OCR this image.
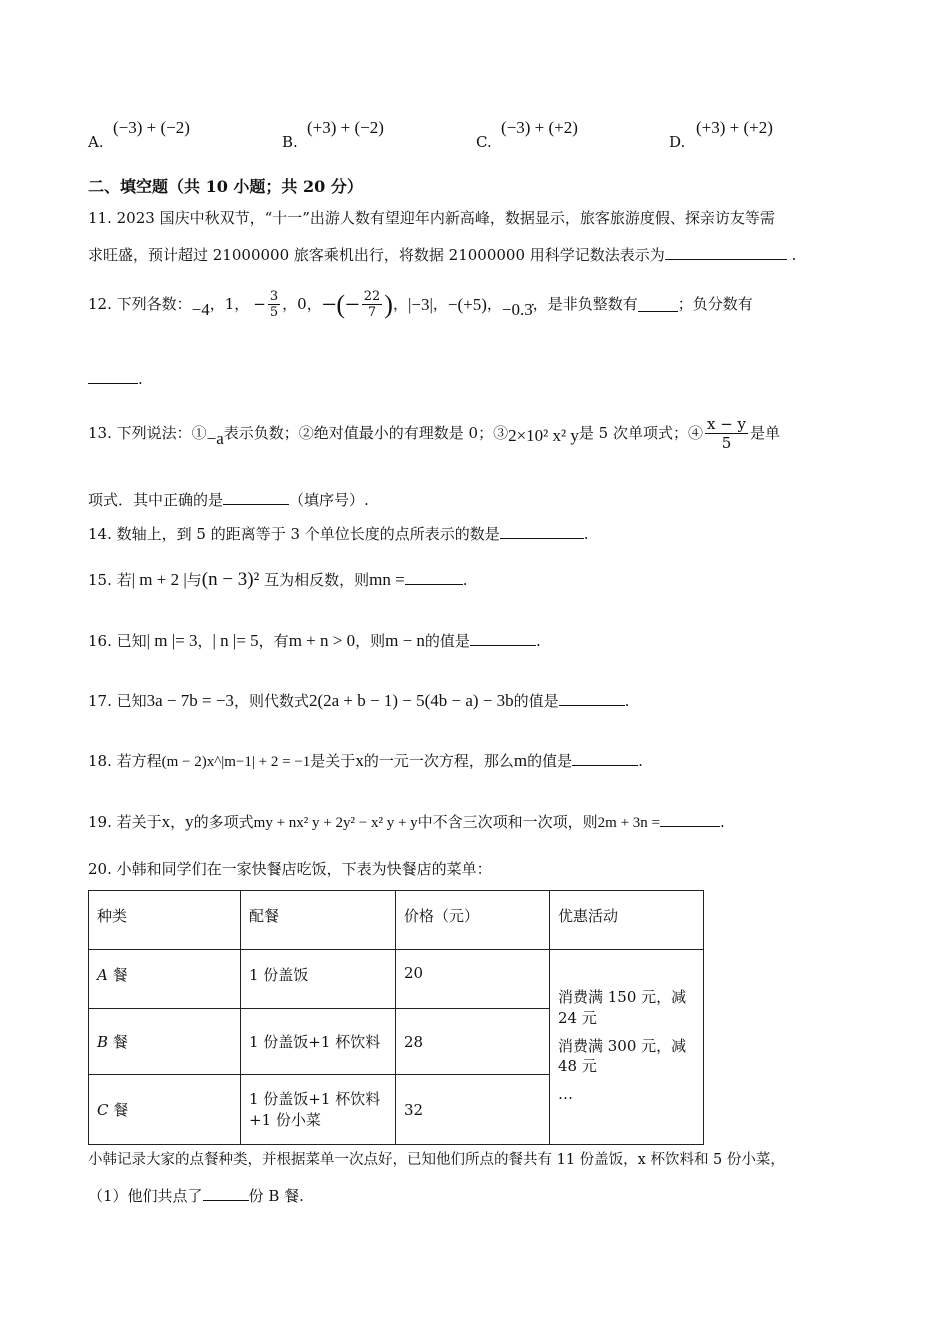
A.
(−3) + (−2)
B.
(+3) + (−2)
C.
(−3) + (+2)
D.
(+3) + (+2)
二、填空题（共 10 小题；共 20 分）
11. 2023 国庆中秋双节，“十一”出游人数有望迎年内新高峰，数据显示，旅客旅游度假、探亲访友等需
求旺盛，预计超过 21000000 旅客乘机出行，将数据 21000000 用科学记数法表示为	.
12. 下列各数： −4 ， 1 ， − $\frac{3}{5}$ ， 0 ， −(− $\frac{22}{7}$ ) ， |−3| ， −(+5) ， −0.3̇ ，是非负整数有	；负分数有
.
13. 下列说法：① −a 表示负数；②绝对值最小的有理数是 0；③ 2×10² x² y 是 5 次单项式；④ $\frac{x - y}{5}$ 是单
项式．其中正确的是	（填序号）.
14. 数轴上，到 5 的距离等于 3 个单位长度的点所表示的数是	.
15. 若| m + 2 |与(n − 3)² 互为相反数，则mn =	.
16. 已知| m |= 3，| n |= 5，有m + n > 0，则m − n的值是	.
17. 已知3a − 7b = −3，则代数式2(2a + b − 1) − 5(4b − a) − 3b的值是	.
18. 若方程(m − 2)x^|m−1| + 2 = −1是关于x的一元一次方程，那么m的值是	.
19. 若关于x，y的多项式my + nx² y + 2y² − x² y + y中不含三次项和一次项，则2m + 3n =	.
20. 小韩和同学们在一家快餐店吃饭，下表为快餐店的菜单：
种类	配餐	价格（元）	优惠活动
A 餐	1 份盖饭	20	消费满 150 元，减 24 元

消费满 300 元，减 48 元

…

B 餐	1 份盖饭+1 杯饮料	28	
C 餐	1 份盖饭+1 杯饮料 +1 份小菜	32	
小韩记录大家的点餐种类，并根据菜单一次点好，已知他们所点的餐共有 11 份盖饭，x 杯饮料和 5 份小菜，
（1）他们共点了	份 B 餐.
